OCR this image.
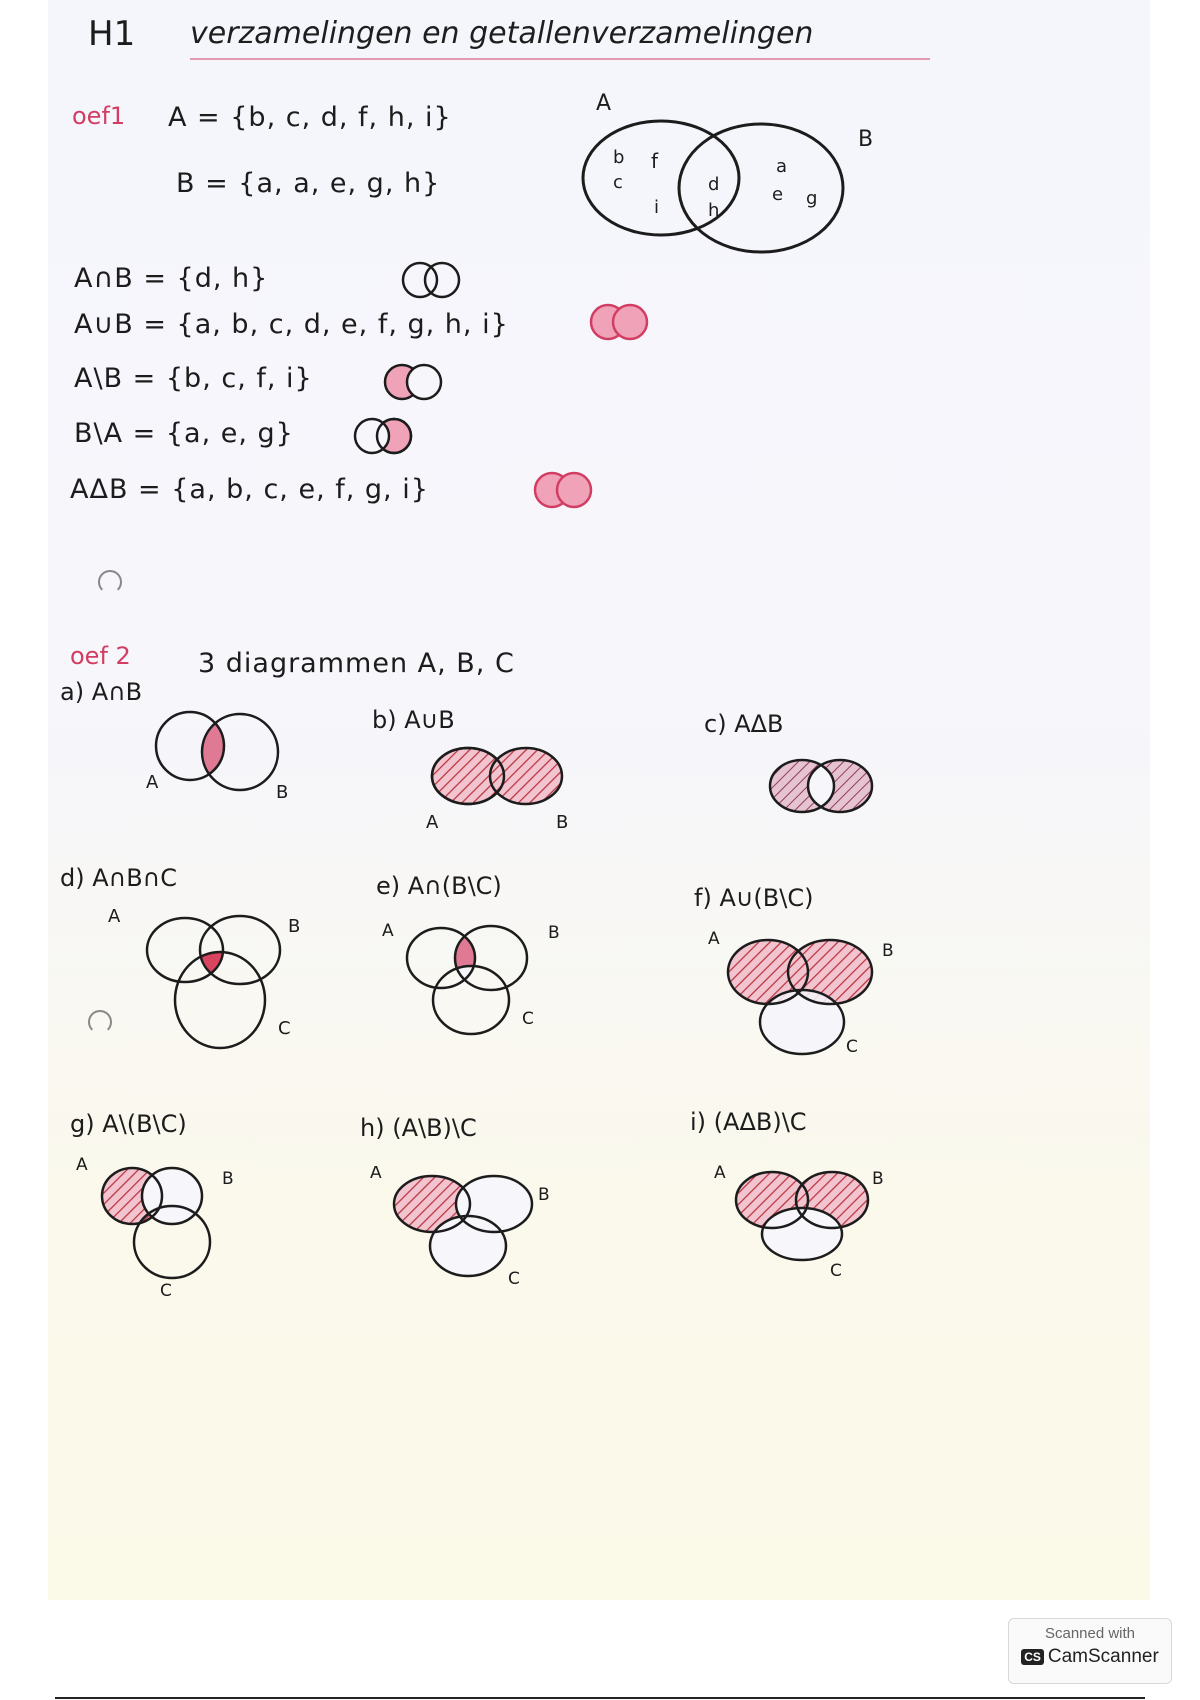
H1 verzamelingen en getallenverzamelingen
oef1 A = {b, c, d, f, h, i}
B = {a, a, e, g, h}
A
B
b f
c
i
d
h
a
e g
A∩B = {d, h}
A∪B = {a, b, c, d, e, f, g, h, i}
A\B = {b, c, f, i}
B\A = {a, e, g}
AΔB = {a, b, c, e, f, g, i}
oef 2 3 diagrammen A, B, C
a) A∩B
A	B
b) A∪B
A	B
c) AΔB
d) A∩B∩C
A	B
C
e) A∩(B\C)
A	B
C
f) A∪(B\C)
A
B
C
g) A\(B\C)
A
B
C
h) (A\B)\C
A
B
C
i) (AΔB)\C
A	B
C
Scanned with
CS CamScanner
